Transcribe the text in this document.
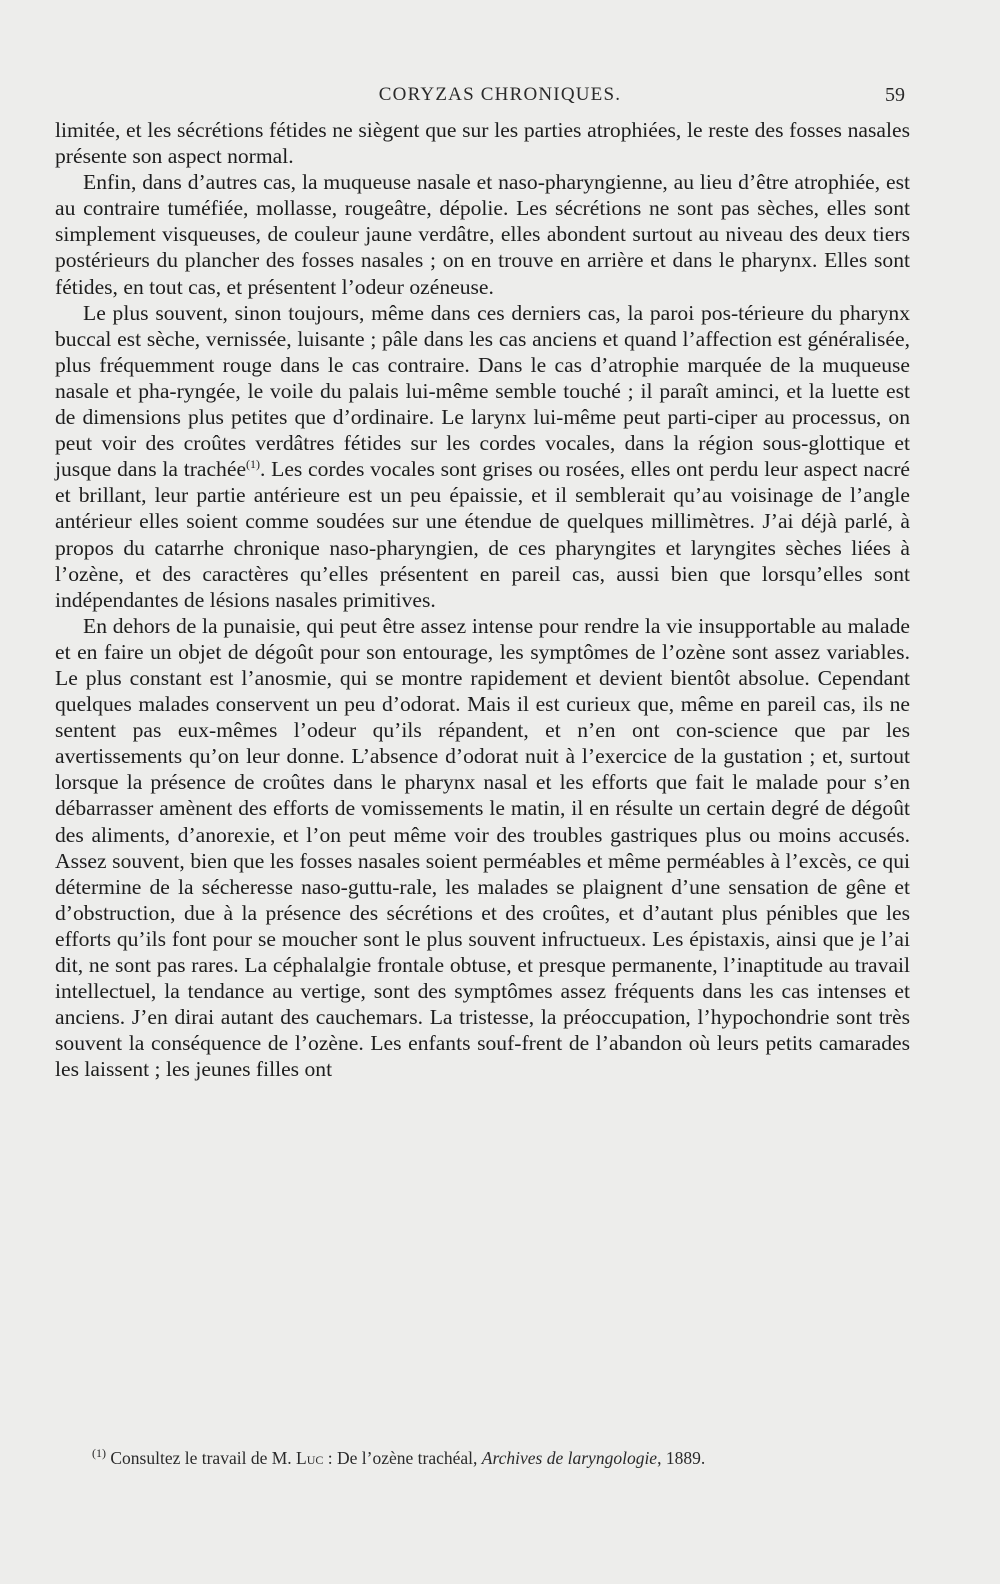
CORYZAS CHRONIQUES.	59

limitée, et les sécrétions fétides ne siègent que sur les parties atrophiées, le reste des fosses nasales présente son aspect normal.

Enfin, dans d’autres cas, la muqueuse nasale et naso-pharyngienne, au lieu d’être atrophiée, est au contraire tuméfiée, mollasse, rougeâtre, dépolie. Les sécrétions ne sont pas sèches, elles sont simplement visqueuses, de couleur jaune verdâtre, elles abondent surtout au niveau des deux tiers postérieurs du plancher des fosses nasales ; on en trouve en arrière et dans le pharynx. Elles sont fétides, en tout cas, et présentent l’odeur ozéneuse.

Le plus souvent, sinon toujours, même dans ces derniers cas, la paroi pos-térieure du pharynx buccal est sèche, vernissée, luisante ; pâle dans les cas anciens et quand l’affection est généralisée, plus fréquemment rouge dans le cas contraire. Dans le cas d’atrophie marquée de la muqueuse nasale et pha-ryngée, le voile du palais lui-même semble touché ; il paraît aminci, et la luette est de dimensions plus petites que d’ordinaire. Le larynx lui-même peut parti-ciper au processus, on peut voir des croûtes verdâtres fétides sur les cordes vocales, dans la région sous-glottique et jusque dans la trachée$^{(1)}$. Les cordes vocales sont grises ou rosées, elles ont perdu leur aspect nacré et brillant, leur partie antérieure est un peu épaissie, et il semblerait qu’au voisinage de l’angle antérieur elles soient comme soudées sur une étendue de quelques millimètres. J’ai déjà parlé, à propos du catarrhe chronique naso-pharyngien, de ces pharyngites et laryngites sèches liées à l’ozène, et des caractères qu’elles présentent en pareil cas, aussi bien que lorsqu’elles sont indépendantes de lésions nasales primitives.

En dehors de la punaisie, qui peut être assez intense pour rendre la vie insupportable au malade et en faire un objet de dégoût pour son entourage, les symptômes de l’ozène sont assez variables. Le plus constant est l’anosmie, qui se montre rapidement et devient bientôt absolue. Cependant quelques malades conservent un peu d’odorat. Mais il est curieux que, même en pareil cas, ils ne sentent pas eux-mêmes l’odeur qu’ils répandent, et n’en ont con-science que par les avertissements qu’on leur donne. L’absence d’odorat nuit à l’exercice de la gustation ; et, surtout lorsque la présence de croûtes dans le pharynx nasal et les efforts que fait le malade pour s’en débarrasser amènent des efforts de vomissements le matin, il en résulte un certain degré de dégoût des aliments, d’anorexie, et l’on peut même voir des troubles gastriques plus ou moins accusés. Assez souvent, bien que les fosses nasales soient perméables et même perméables à l’excès, ce qui détermine de la sécheresse naso-guttu-rale, les malades se plaignent d’une sensation de gêne et d’obstruction, due à la présence des sécrétions et des croûtes, et d’autant plus pénibles que les efforts qu’ils font pour se moucher sont le plus souvent infructueux. Les épistaxis, ainsi que je l’ai dit, ne sont pas rares. La céphalalgie frontale obtuse, et presque permanente, l’inaptitude au travail intellectuel, la tendance au vertige, sont des symptômes assez fréquents dans les cas intenses et anciens. J’en dirai autant des cauchemars. La tristesse, la préoccupation, l’hypochondrie sont très souvent la conséquence de l’ozène. Les enfants souf-frent de l’abandon où leurs petits camarades les laissent ; les jeunes filles ont

$^{(1)}$ Consultez le travail de M. Luc : De l’ozène trachéal, Archives de laryngologie, 1889.
